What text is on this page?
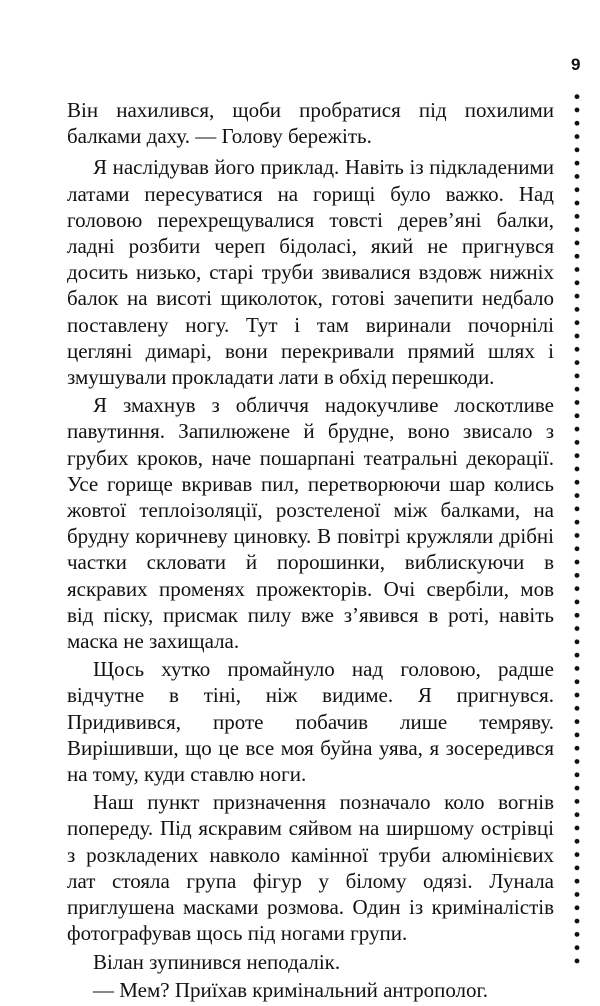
9

Він нахилився, щоби пробратися під похилими балками даху. — Голову бережіть.

Я наслідував його приклад. Навіть із підкладеними латами пересуватися на горищі було важко. Над головою перехрещувалися товсті дерев’яні балки, ладні розбити череп бідоласі, який не пригнувся досить низько, старі труби звивалися вздовж нижніх балок на висоті щиколоток, готові зачепити недбало поставлену ногу. Тут і там виринали почорнілі цегляні димарі, вони перекривали прямий шлях і змушували прокладати лати в обхід перешкоди.

Я змахнув з обличчя надокучливе лоскотливе павутиння. Запилюжене й брудне, воно звисало з грубих кроков, наче пошарпані театральні декорації. Усе горище вкривав пил, перетворюючи шар колись жовтої теплоізоляції, розстеленої між балками, на брудну коричневу циновку. В повітрі кружляли дрібні частки скловати й порошинки, виблискуючи в яскравих променях прожекторів. Очі свербіли, мов від піску, присмак пилу вже з’явився в роті, навіть маска не захищала.

Щось хутко промайнуло над головою, радше відчутне в тіні, ніж видиме. Я пригнувся. Придивився, проте побачив лише темряву. Вирішивши, що це все моя буйна уява, я зосередився на тому, куди ставлю ноги.

Наш пункт призначення позначало коло вогнів попереду. Під яскравим сяйвом на ширшому острівці з розкладених навколо камінної труби алюмінієвих лат стояла група фігур у білому одязі. Лунала приглушена масками розмова. Один із криміналістів фотографував щось під ногами групи.

Вілан зупинився неподалік.

— Мем? Приїхав кримінальний антрополог.
